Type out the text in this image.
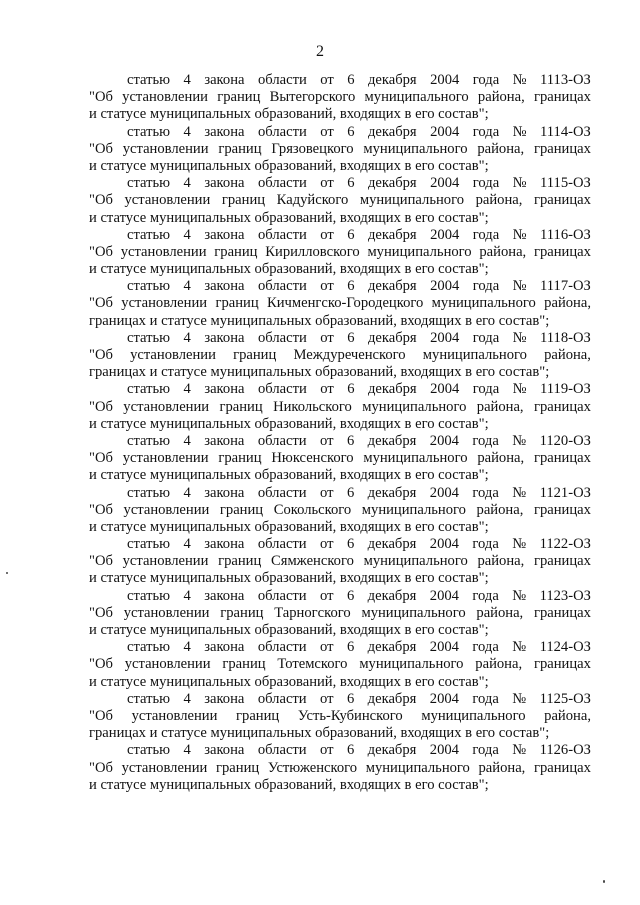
2
статью 4 закона области от 6 декабря 2004 года № 1113-ОЗ
"Об установлении границ Вытегорского муниципального района, границах
и статусе муниципальных образований, входящих в его состав";
статью 4 закона области от 6 декабря 2004 года № 1114-ОЗ
"Об установлении границ Грязовецкого муниципального района, границах
и статусе муниципальных образований, входящих в его состав";
статью 4 закона области от 6 декабря 2004 года № 1115-ОЗ
"Об установлении границ Кадуйского муниципального района, границах
и статусе муниципальных образований, входящих в его состав";
статью 4 закона области от 6 декабря 2004 года № 1116-ОЗ
"Об установлении границ Кирилловского муниципального района, границах
и статусе муниципальных образований, входящих в его состав";
статью 4 закона области от 6 декабря 2004 года № 1117-ОЗ
"Об установлении границ Кичменгско-Городецкого муниципального района,
границах и статусе муниципальных образований, входящих в его состав";
статью 4 закона области от 6 декабря 2004 года № 1118-ОЗ
"Об установлении границ Междуреченского муниципального района,
границах и статусе муниципальных образований, входящих в его состав";
статью 4 закона области от 6 декабря 2004 года № 1119-ОЗ
"Об установлении границ Никольского муниципального района, границах
и статусе муниципальных образований, входящих в его состав";
статью 4 закона области от 6 декабря 2004 года № 1120-ОЗ
"Об установлении границ Нюксенского муниципального района, границах
и статусе муниципальных образований, входящих в его состав";
статью 4 закона области от 6 декабря 2004 года № 1121-ОЗ
"Об установлении границ Сокольского муниципального района, границах
и статусе муниципальных образований, входящих в его состав";
статью 4 закона области от 6 декабря 2004 года № 1122-ОЗ
"Об установлении границ Сямженского муниципального района, границах
и статусе муниципальных образований, входящих в его состав";
статью 4 закона области от 6 декабря 2004 года № 1123-ОЗ
"Об установлении границ Тарногского муниципального района, границах
и статусе муниципальных образований, входящих в его состав";
статью 4 закона области от 6 декабря 2004 года № 1124-ОЗ
"Об установлении границ Тотемского муниципального района, границах
и статусе муниципальных образований, входящих в его состав";
статью 4 закона области от 6 декабря 2004 года № 1125-ОЗ
"Об установлении границ Усть-Кубинского муниципального района,
границах и статусе муниципальных образований, входящих в его состав";
статью 4 закона области от 6 декабря 2004 года № 1126-ОЗ
"Об установлении границ Устюженского муниципального района, границах
и статусе муниципальных образований, входящих в его состав";
